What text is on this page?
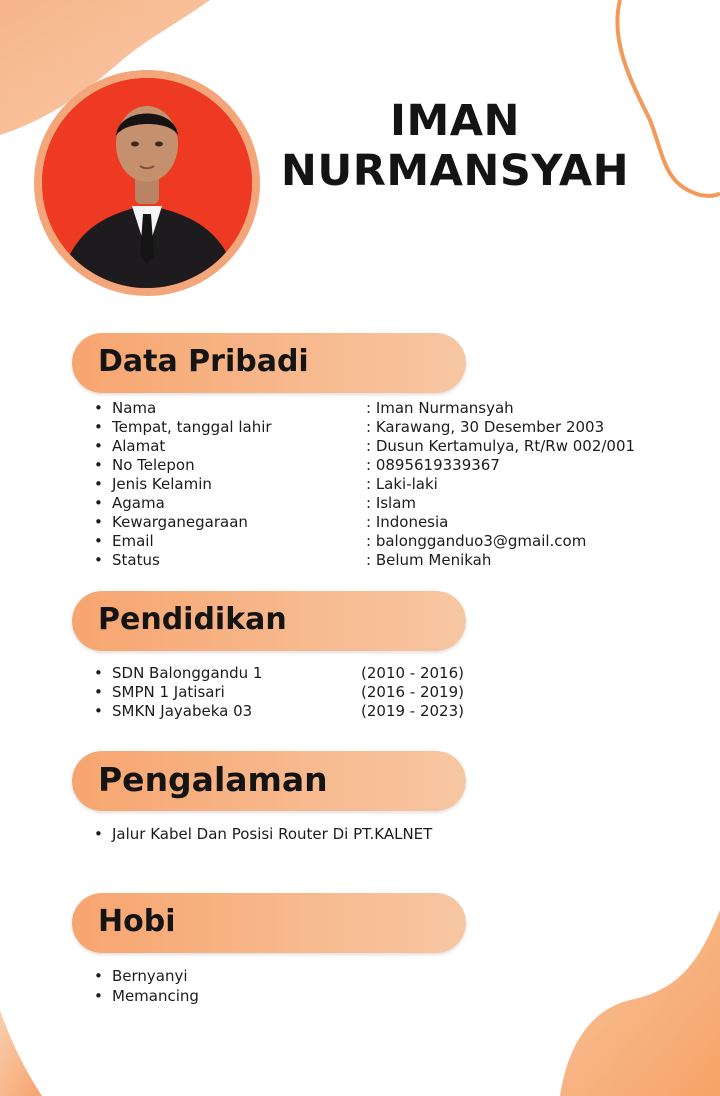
IMAN
NURMANSYAH
Data Pribadi
• Nama	: Iman Nurmansyah
• Tempat, tanggal lahir	: Karawang, 30 Desember 2003
• Alamat	: Dusun Kertamulya, Rt/Rw 002/001
• No Telepon	: 0895619339367
• Jenis Kelamin	: Laki-laki
• Agama	: Islam
• Kewarganegaraan	: Indonesia
• Email	: balongganduo3@gmail.com
• Status	: Belum Menikah
Pendidikan
• SDN Balonggandu 1	(2010 - 2016)
• SMPN 1 Jatisari	(2016 - 2019)
• SMKN Jayabeka 03	(2019 - 2023)
Pengalaman
• Jalur Kabel Dan Posisi Router Di PT.KALNET
Hobi
• Bernyanyi
• Memancing
